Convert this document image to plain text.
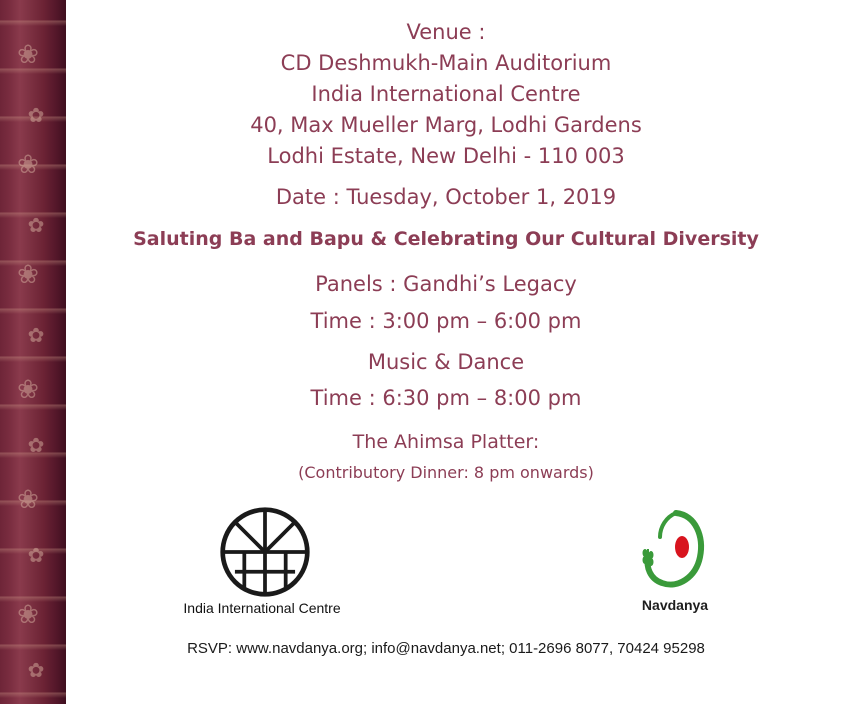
❀
✿
❀
✿
❀
✿
❀
✿
❀
✿
❀
✿
Venue :
CD Deshmukh-Main Auditorium
India International Centre
40, Max Mueller Marg, Lodhi Gardens
Lodhi Estate, New Delhi - 110 003
Date : Tuesday, October 1, 2019
Saluting Ba and Bapu & Celebrating Our Cultural Diversity
Panels : Gandhi’s Legacy
Time : 3:00 pm – 6:00 pm
Music & Dance
Time : 6:30 pm – 8:00 pm
The Ahimsa Platter:
(Contributory Dinner: 8 pm onwards)
India International Centre	Navdanya
RSVP: www.navdanya.org; info@navdanya.net; 011-2696 8077, 70424 95298
